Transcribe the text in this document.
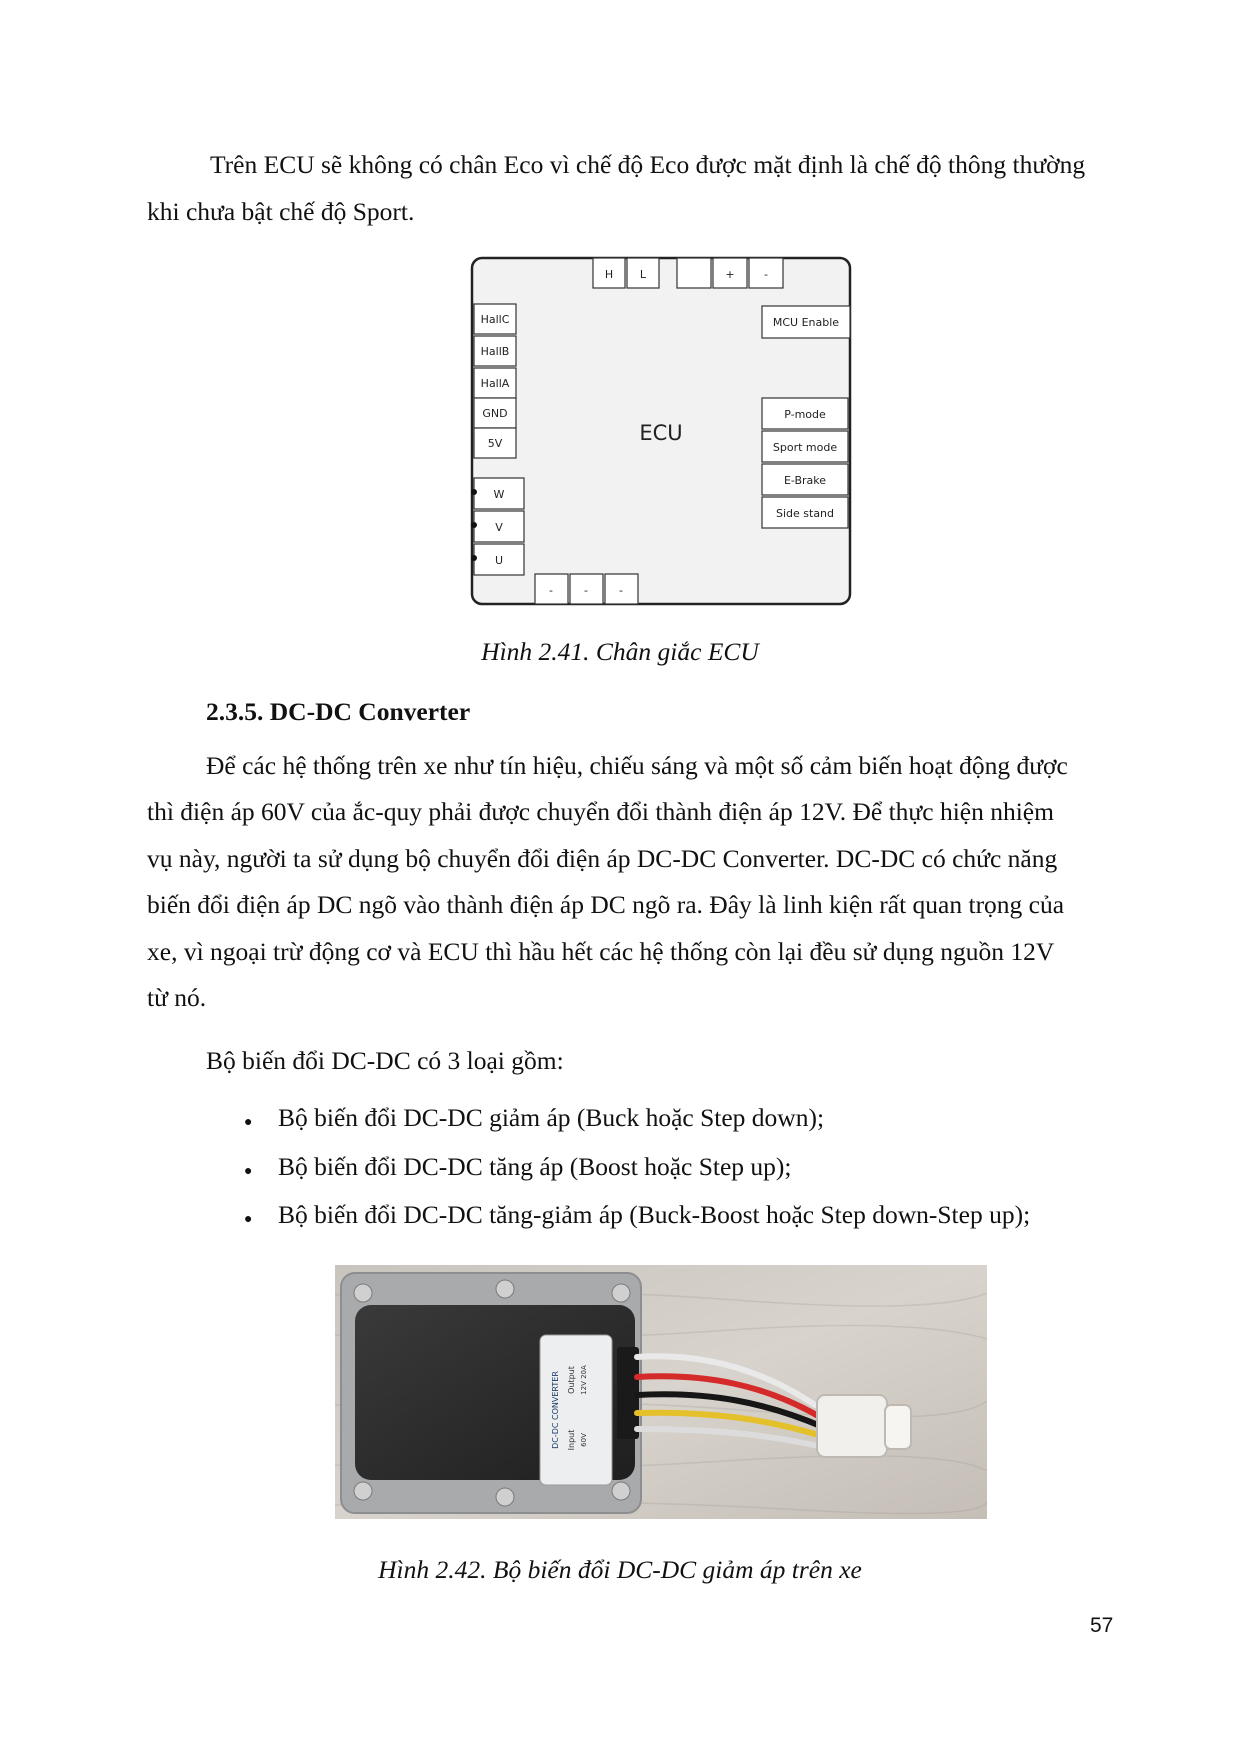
Trên ECU sẽ không có chân Eco vì chế độ Eco được mặt định là chế độ thông thường

khi chưa bật chế độ Sport.

ECU
H L	+	-
HallC
HallB
HallA
GND
5V
W
V
U
MCU Enable
P-mode
Sport mode
E-Brake
Side stand
-	-	-

Hình 2.41. Chân giắc ECU

2.3.5. DC-DC Converter

Để các hệ thống trên xe như tín hiệu, chiếu sáng và một số cảm biến hoạt động được

thì điện áp 60V của ắc-quy phải được chuyển đổi thành điện áp 12V. Để thực hiện nhiệm

vụ này, người ta sử dụng bộ chuyển đổi điện áp DC-DC Converter. DC-DC có chức năng

biến đổi điện áp DC ngõ vào thành điện áp DC ngõ ra. Đây là linh kiện rất quan trọng của

xe, vì ngoại trừ động cơ và ECU thì hầu hết các hệ thống còn lại đều sử dụng nguồn 12V

từ nó.

Bộ biến đổi DC-DC có 3 loại gồm:

● Bộ biến đổi DC-DC giảm áp (Buck hoặc Step down);
● Bộ biến đổi DC-DC tăng áp (Boost hoặc Step up);
● Bộ biến đổi DC-DC tăng-giảm áp (Buck-Boost hoặc Step down-Step up);
DC-DC CONVERTER Input 60V
Output 12V 20A

Hình 2.42. Bộ biến đổi DC-DC giảm áp trên xe

57
